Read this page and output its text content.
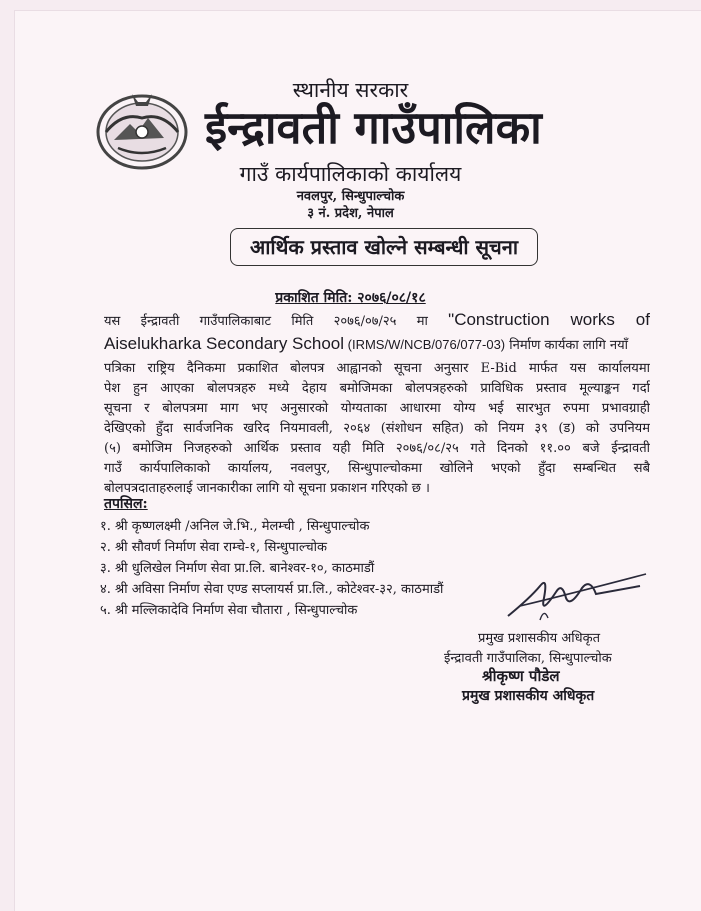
स्थानीय सरकार
ईन्द्रावती गाउँपालिका
गाउँ कार्यपालिकाको कार्यालय
नवलपुर, सिन्धुपाल्चोक
३ नं. प्रदेश, नेपाल
आर्थिक प्रस्ताव खोल्ने सम्बन्धी सूचना
प्रकाशित मिति: २०७६/०८/१८
यस ईन्द्रावती गाउँपालिकाबाट मिति २०७६/०७/२५ मा "Construction works of
Aiselukharka Secondary School (IRMS/W/NCB/076/077-03) निर्माण कार्यका लागि नयाँ
पत्रिका राष्ट्रिय दैनिकमा प्रकाशित बोलपत्र आह्वानको सूचना अनुसार E-Bid मार्फत यस कार्यालयमा
पेश हुन आएका बोलपत्रहरु मध्ये देहाय बमोजिमका बोलपत्रहरुको प्राविधिक प्रस्ताव मूल्याङ्कन गर्दा
सूचना र बोलपत्रमा माग भए अनुसारको योग्यताका आधारमा योग्य भई सारभुत रुपमा प्रभावग्राही
देखिएको हुँदा सार्वजनिक खरिद नियमावली, २०६४ (संशोधन सहित) को नियम ३९ (ड) को उपनियम
(५) बमोजिम निजहरुको आर्थिक प्रस्ताव यही मिति २०७६/०८/२५ गते दिनको ११.०० बजे ईन्द्रावती
गाउँ कार्यपालिकाको कार्यालय, नवलपुर, सिन्धुपाल्चोकमा खोलिने भएको हुँदा सम्बन्धित सबै
बोलपत्रदाताहरुलाई जानकारीका लागि यो सूचना प्रकाशन गरिएको छ ।
तपसिल:
१. श्री कृष्णलक्ष्मी /अनिल जे.भि., मेलम्ची , सिन्धुपाल्चोक
२. श्री सौवर्ण निर्माण सेवा राम्चे-१, सिन्धुपाल्चोक
३. श्री धुलिखेल निर्माण सेवा प्रा.लि. बानेश्वर-१०, काठमाडौं
४. श्री अविसा निर्माण सेवा एण्ड सप्लायर्स प्रा.लि., कोटेश्वर-३२, काठमाडौं
५. श्री मल्लिकादेवि निर्माण सेवा चौतारा , सिन्धुपाल्चोक
प्रमुख प्रशासकीय अधिकृत
ईन्द्रावती गाउँपालिका, सिन्धुपाल्चोक
श्रीकृष्ण पौडेल
प्रमुख प्रशासकीय अधिकृत
